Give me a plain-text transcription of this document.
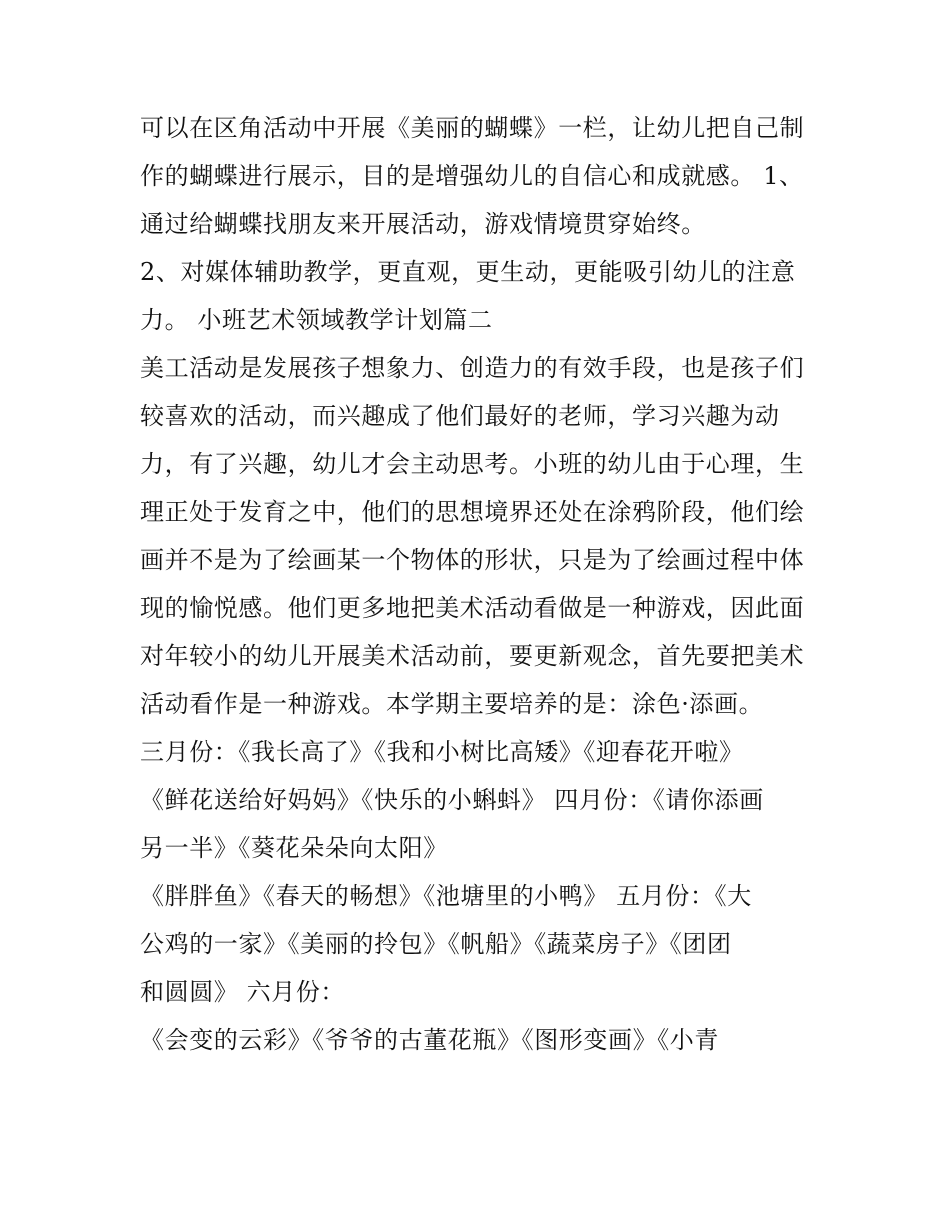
可以在区角活动中开展《美丽的蝴蝶》一栏，让幼儿把自己制
作的蝴蝶进行展示，目的是增强幼儿的自信心和成就感。 1、
通过给蝴蝶找朋友来开展活动，游戏情境贯穿始终。
2、对媒体辅助教学，更直观，更生动，更能吸引幼儿的注意
力。 小班艺术领域教学计划篇二
美工活动是发展孩子想象力、创造力的有效手段，也是孩子们
较喜欢的活动，而兴趣成了他们最好的老师，学习兴趣为动
力，有了兴趣，幼儿才会主动思考。小班的幼儿由于心理，生
理正处于发育之中，他们的思想境界还处在涂鸦阶段，他们绘
画并不是为了绘画某一个物体的形状，只是为了绘画过程中体
现的愉悦感。他们更多地把美术活动看做是一种游戏，因此面
对年较小的幼儿开展美术活动前，要更新观念，首先要把美术
活动看作是一种游戏。本学期主要培养的是：涂色·添画。
三月份：《我长高了》《我和小树比高矮》《迎春花开啦》
《鲜花送给好妈妈》《快乐的小蝌蚪》 四月份：《请你添画
另一半》《葵花朵朵向太阳》
《胖胖鱼》《春天的畅想》《池塘里的小鸭》 五月份：《大
公鸡的一家》《美丽的拎包》《帆船》《蔬菜房子》《团团
和圆圆》 六月份：
《会变的云彩》《爷爷的古董花瓶》《图形变画》《小青
